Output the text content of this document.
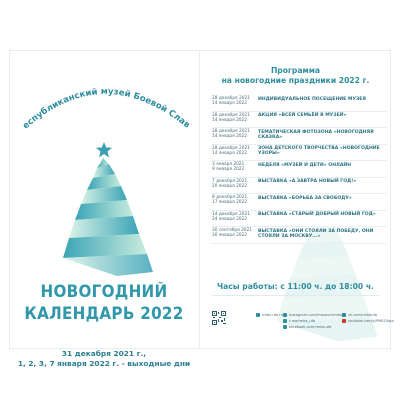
Республиканский музей Боевой Славы
НОВОГОДНИЙ
КАЛЕНДАРЬ 2022
31 декабря 2021 г.,
1, 2, 3, 7 января 2022 г. - выходные дни
Программа
на новогодние праздники 2022 г.
28 декабря 2021
14 января 2022
ИНДИВИДУАЛЬНОЕ ПОСЕЩЕНИЕ МУЗЕЯ
28 декабря 2021
14 января 2022
АКЦИЯ «ВСЕЙ СЕМЬЁЙ В МУЗЕЙ»
28 декабря 2021
14 января 2022
ТЕМАТИЧЕСКАЯ ФОТОЗОНА «НОВОГОДНЯЯ СКАЗКА»
28 декабря 2021
14 января 2022
ЗОНА ДЕТСКОГО ТВОРЧЕСТВА «НОВОГОДНИЕ УЗОРЫ»
3 января 2021
9 января 2022
НЕДЕЛЯ «МУЗЕЙ И ДЕТИ» ОНЛАЙН
7 декабря 2021
20 января 2022
ВЫСТАВКА «А ЗАВТРА НОВЫЙ ГОД!»
8 декабря 2021
17 января 2022
ВЫСТАВКА «БОРЬБА ЗА СВОБОДУ»
14 декабря 2021
24 января 2022
ВЫСТАВКА «СТАРЫЙ ДОБРЫЙ НОВЫЙ ГОД»
30 сентября 2021
30 января 2022
ВЫСТАВКА «ОНИ СТОЯЛИ ЗА ПОБЕДУ, ОНИ СТОЯЛИ ЗА МОСКВУ...»
Часы работы: с 11:00 ч. до 18:00 ч.
rmbs-ufa.ru instagram.com/museumrmbs
t.me/rmbs_ufa
facebook.com/rmbs.ufa
vk.com/rmbsufa
youtube.com/c/РМБСУфа
